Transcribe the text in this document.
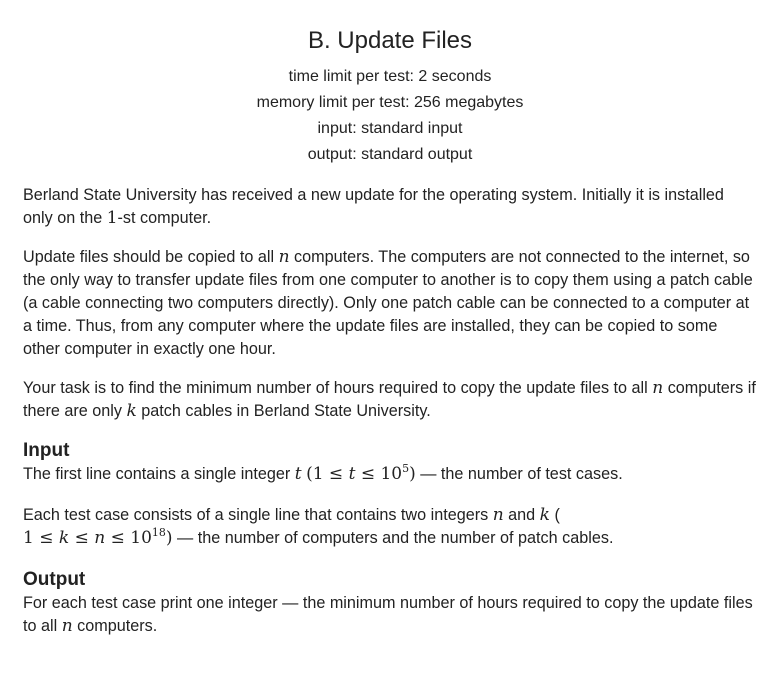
B. Update Files
time limit per test: 2 seconds
memory limit per test: 256 megabytes
input: standard input
output: standard output

Berland State University has received a new update for the operating system. Initially it is installed only on the 1-st computer.

Update files should be copied to all n computers. The computers are not connected to the internet, so the only way to transfer update files from one computer to another is to copy them using a patch cable (a cable connecting two computers directly). Only one patch cable can be connected to a computer at a time. Thus, from any computer where the update files are installed, they can be copied to some other computer in exactly one hour.

Your task is to find the minimum number of hours required to copy the update files to all n computers if there are only k patch cables in Berland State University.

Input

The first line contains a single integer t $(1 \le t \le 10^5)$ — the number of test cases.

Each test case consists of a single line that contains two integers n and k (
$1 \le k \le n \le 10^{18}$) — the number of computers and the number of patch cables.

Output

For each test case print one integer — the minimum number of hours required to copy the update files to all n computers.
